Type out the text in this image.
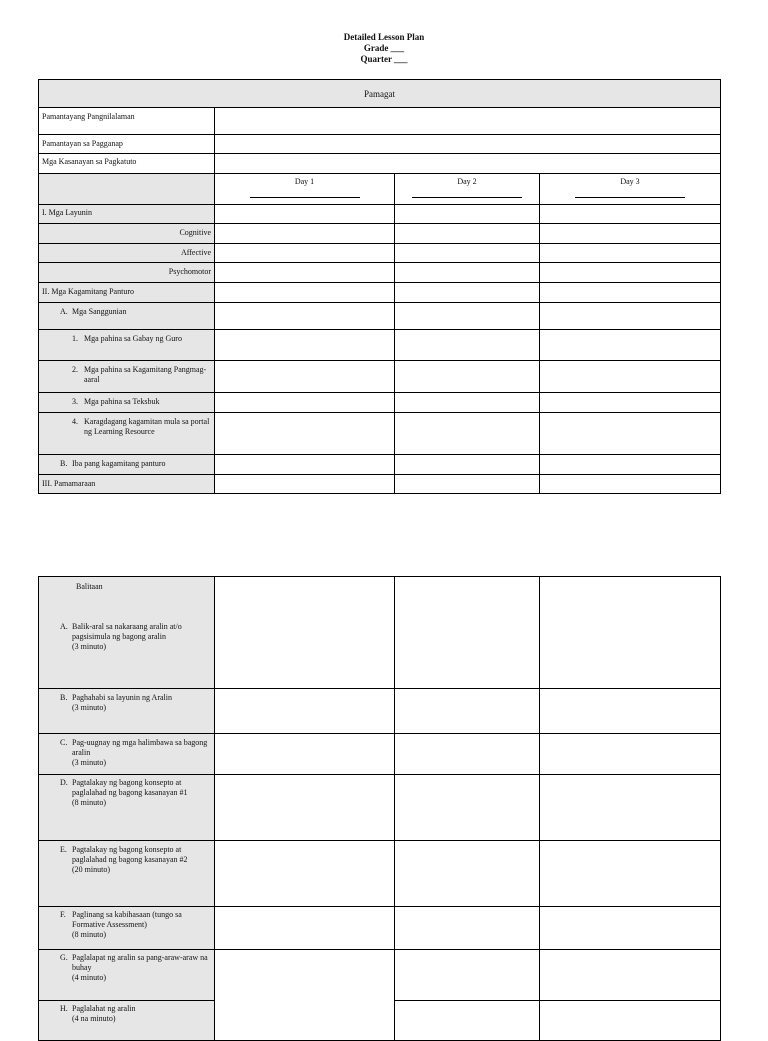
Detailed Lesson Plan
Grade ___
Quarter ___
Pamagat			
Pamantayang Pangnilalaman			
Pamantayan sa Pagganap			
Mga Kasanayan sa Pagkatuto			
	Day 1	Day 2	Day 3

I. Mga Layunin			
Cognitive			
Affective			
Psychomotor			
II. Mga Kagamitang Panturo			

A. Mga Sanggunian			

1. Mga pahina sa Gabay ng Guro			

2. Mga pahina sa Kagamitang Pangmag-aaral			

3. Mga pahina sa Teksbuk			

4. Karagdagang kagamitan mula sa portal ng Learning Resource			

B. Iba pang kagamitang panturo			

III. Pamamaraan			
Balitaan
A. Balik-aral sa nakaraang aralin at/o pagsisimula ng bagong aralin
(3 minuto)			

B. Paghahabi sa layunin ng Aralin
(3 minuto)			

C. Pag-uugnay ng mga halimbawa sa bagong aralin
(3 minuto)			

D. Pagtalakay ng bagong konsepto at paglalahad ng bagong kasanayan #1
(8 minuto)			

E. Pagtalakay ng bagong konsepto at paglalahad ng bagong kasanayan #2
(20 minuto)			

F. Paglinang sa kabihasaan (tungo sa Formative Assessment)
(8 minuto)			

G. Paglalapat ng aralin sa pang-araw-araw na buhay
(4 minuto)			

H. Paglalahat ng aralin
(4 na minuto)			
